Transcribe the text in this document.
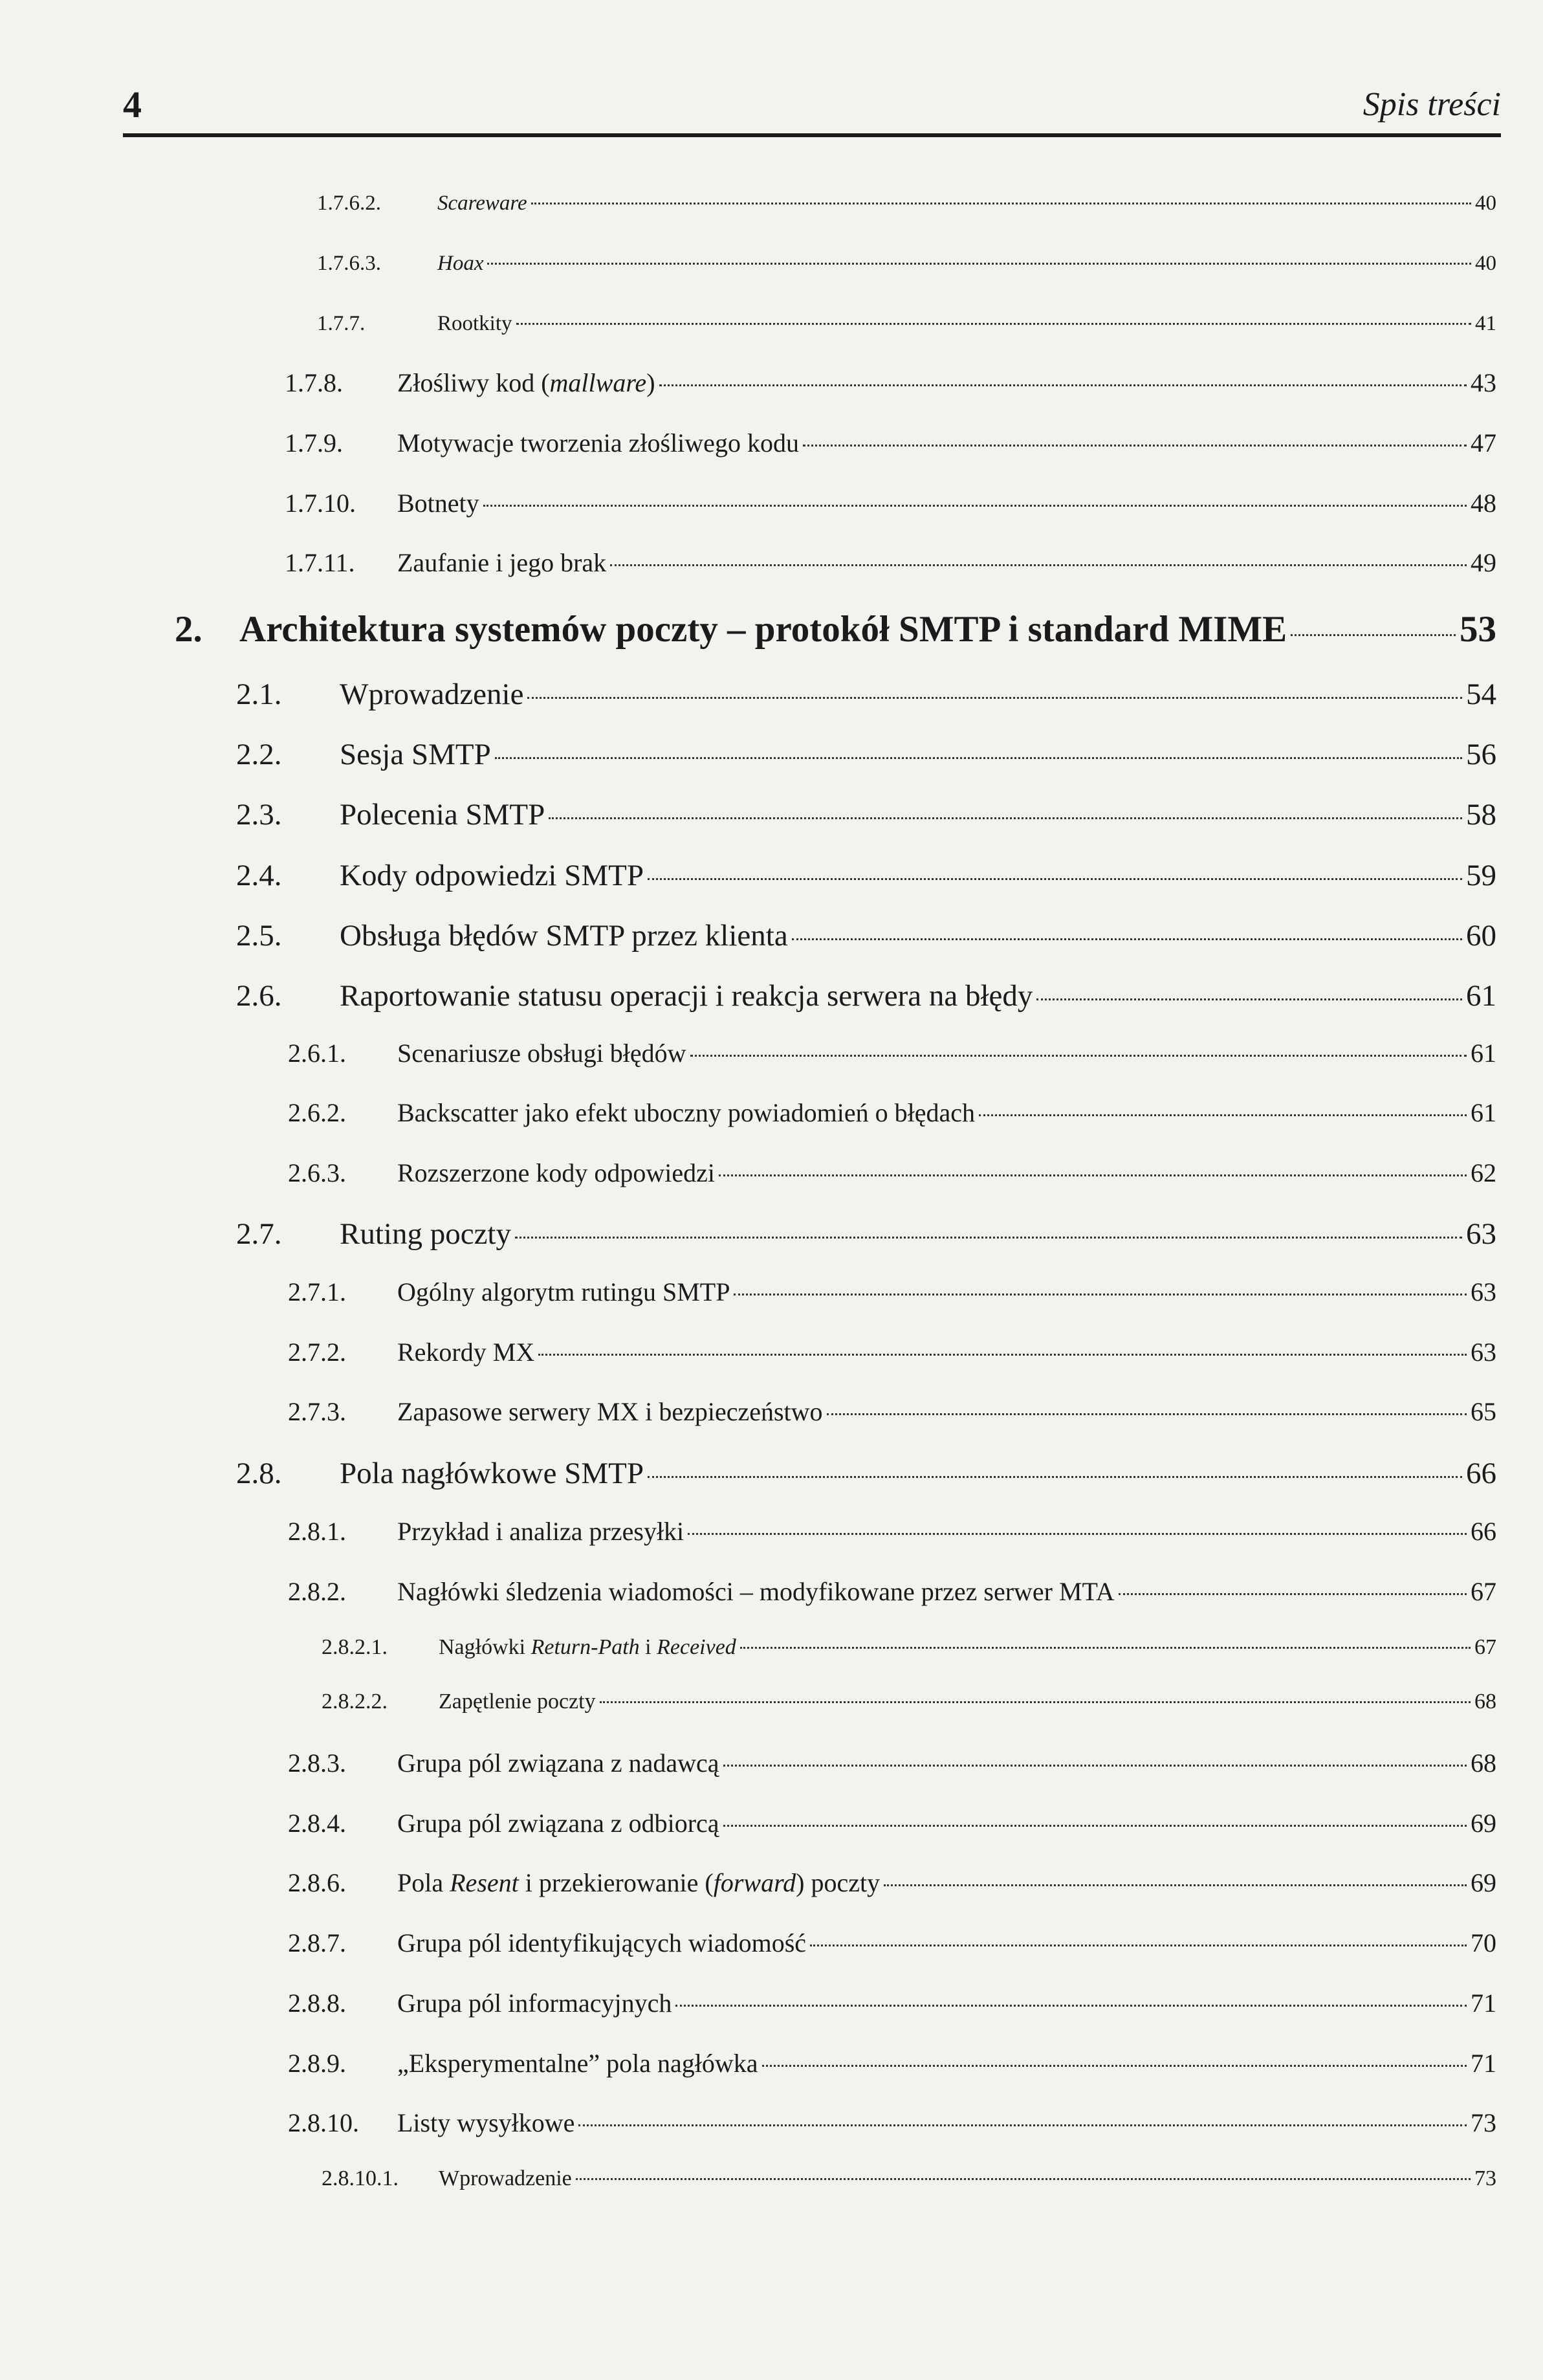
4	Spis treści
1.7.6.2.	Scareware	40
1.7.6.3.	Hoax	40
1.7.7.	Rootkity	41
1.7.8.	Złośliwy kod (mallware)	43
1.7.9.	Motywacje tworzenia złośliwego kodu	47
1.7.10.	Botnety	48
1.7.11.	Zaufanie i jego brak	49
2.	Architektura systemów poczty – protokół SMTP i standard MIME	53
2.1.	Wprowadzenie	54
2.2.	Sesja SMTP	56
2.3.	Polecenia SMTP	58
2.4.	Kody odpowiedzi SMTP	59
2.5.	Obsługa błędów SMTP przez klienta	60
2.6.	Raportowanie statusu operacji i reakcja serwera na błędy	61
2.6.1.	Scenariusze obsługi błędów	61
2.6.2.	Backscatter jako efekt uboczny powiadomień o błędach	61
2.6.3.	Rozszerzone kody odpowiedzi	62
2.7.	Ruting poczty	63
2.7.1.	Ogólny algorytm rutingu SMTP	63
2.7.2.	Rekordy MX	63
2.7.3.	Zapasowe serwery MX i bezpieczeństwo	65
2.8.	Pola nagłówkowe SMTP	66
2.8.1.	Przykład i analiza przesyłki	66
2.8.2.	Nagłówki śledzenia wiadomości – modyfikowane przez serwer MTA	67
2.8.2.1.	Nagłówki Return-Path i Received	67
2.8.2.2.	Zapętlenie poczty	68
2.8.3.	Grupa pól związana z nadawcą	68
2.8.4.	Grupa pól związana z odbiorcą	69
2.8.6.	Pola Resent i przekierowanie (forward) poczty	69
2.8.7.	Grupa pól identyfikujących wiadomość	70
2.8.8.	Grupa pól informacyjnych	71
2.8.9.	„Eksperymentalne” pola nagłówka	71
2.8.10.	Listy wysyłkowe	73
2.8.10.1.	Wprowadzenie	73
